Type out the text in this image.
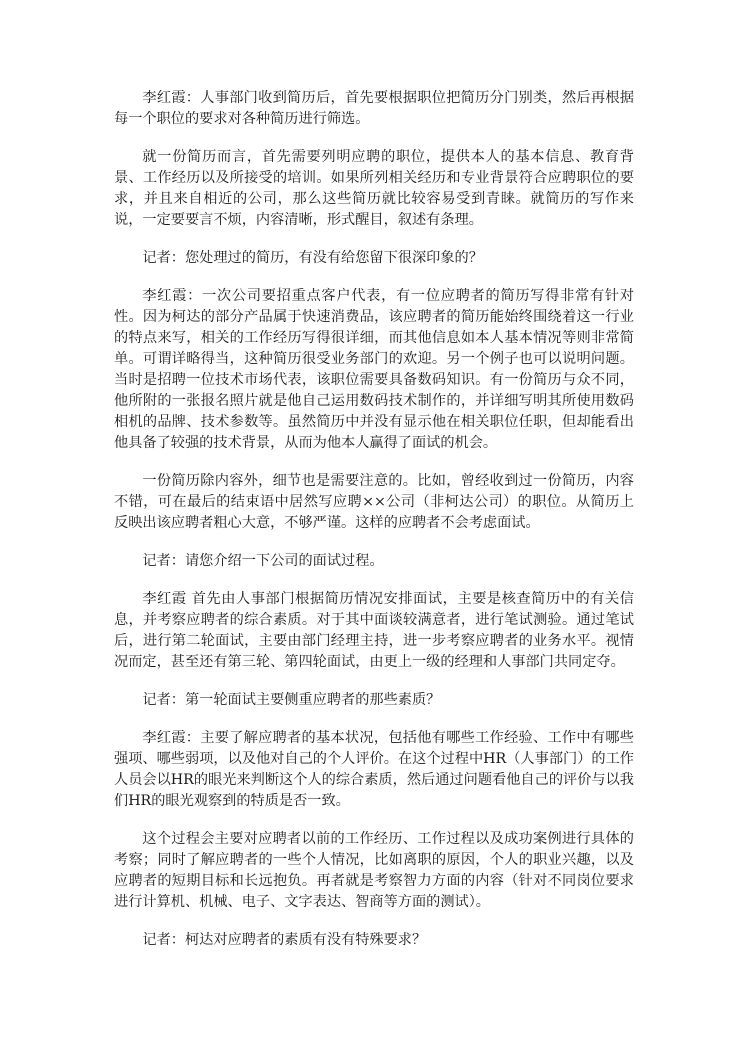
李红霞：人事部门收到简历后，首先要根据职位把简历分门别类，然后再根据每一个职位的要求对各种简历进行筛选。

就一份简历而言，首先需要列明应聘的职位，提供本人的基本信息、教育背景、工作经历以及所接受的培训。如果所列相关经历和专业背景符合应聘职位的要求，并且来自相近的公司，那么这些简历就比较容易受到青睐。就简历的写作来说，一定要要言不烦，内容清晰，形式醒目，叙述有条理。

记者：您处理过的简历，有没有给您留下很深印象的？

李红霞：一次公司要招重点客户代表，有一位应聘者的简历写得非常有针对性。因为柯达的部分产品属于快速消费品，该应聘者的简历能始终围绕着这一行业的特点来写，相关的工作经历写得很详细，而其他信息如本人基本情况等则非常简单。可谓详略得当，这种简历很受业务部门的欢迎。另一个例子也可以说明问题。当时是招聘一位技术市场代表，该职位需要具备数码知识。有一份简历与众不同，他所附的一张报名照片就是他自己运用数码技术制作的，并详细写明其所使用数码相机的品牌、技术参数等。虽然简历中并没有显示他在相关职位任职，但却能看出他具备了较强的技术背景，从而为他本人赢得了面试的机会。

一份简历除内容外，细节也是需要注意的。比如，曾经收到过一份简历，内容不错，可在最后的结束语中居然写应聘××公司（非柯达公司）的职位。从简历上反映出该应聘者粗心大意，不够严谨。这样的应聘者不会考虑面试。

记者：请您介绍一下公司的面试过程。

李红霞 首先由人事部门根据简历情况安排面试，主要是核查简历中的有关信息，并考察应聘者的综合素质。对于其中面谈较满意者，进行笔试测验。通过笔试后，进行第二轮面试，主要由部门经理主持，进一步考察应聘者的业务水平。视情况而定，甚至还有第三轮、第四轮面试，由更上一级的经理和人事部门共同定夺。

记者：第一轮面试主要侧重应聘者的那些素质？

李红霞：主要了解应聘者的基本状况，包括他有哪些工作经验、工作中有哪些强项、哪些弱项，以及他对自己的个人评价。在这个过程中HR（人事部门）的工作人员会以HR的眼光来判断这个人的综合素质，然后通过问题看他自己的评价与以我们HR的眼光观察到的特质是否一致。

这个过程会主要对应聘者以前的工作经历、工作过程以及成功案例进行具体的考察；同时了解应聘者的一些个人情况，比如离职的原因，个人的职业兴趣，以及应聘者的短期目标和长远抱负。再者就是考察智力方面的内容（针对不同岗位要求进行计算机、机械、电子、文字表达、智商等方面的测试）。

记者：柯达对应聘者的素质有没有特殊要求？
